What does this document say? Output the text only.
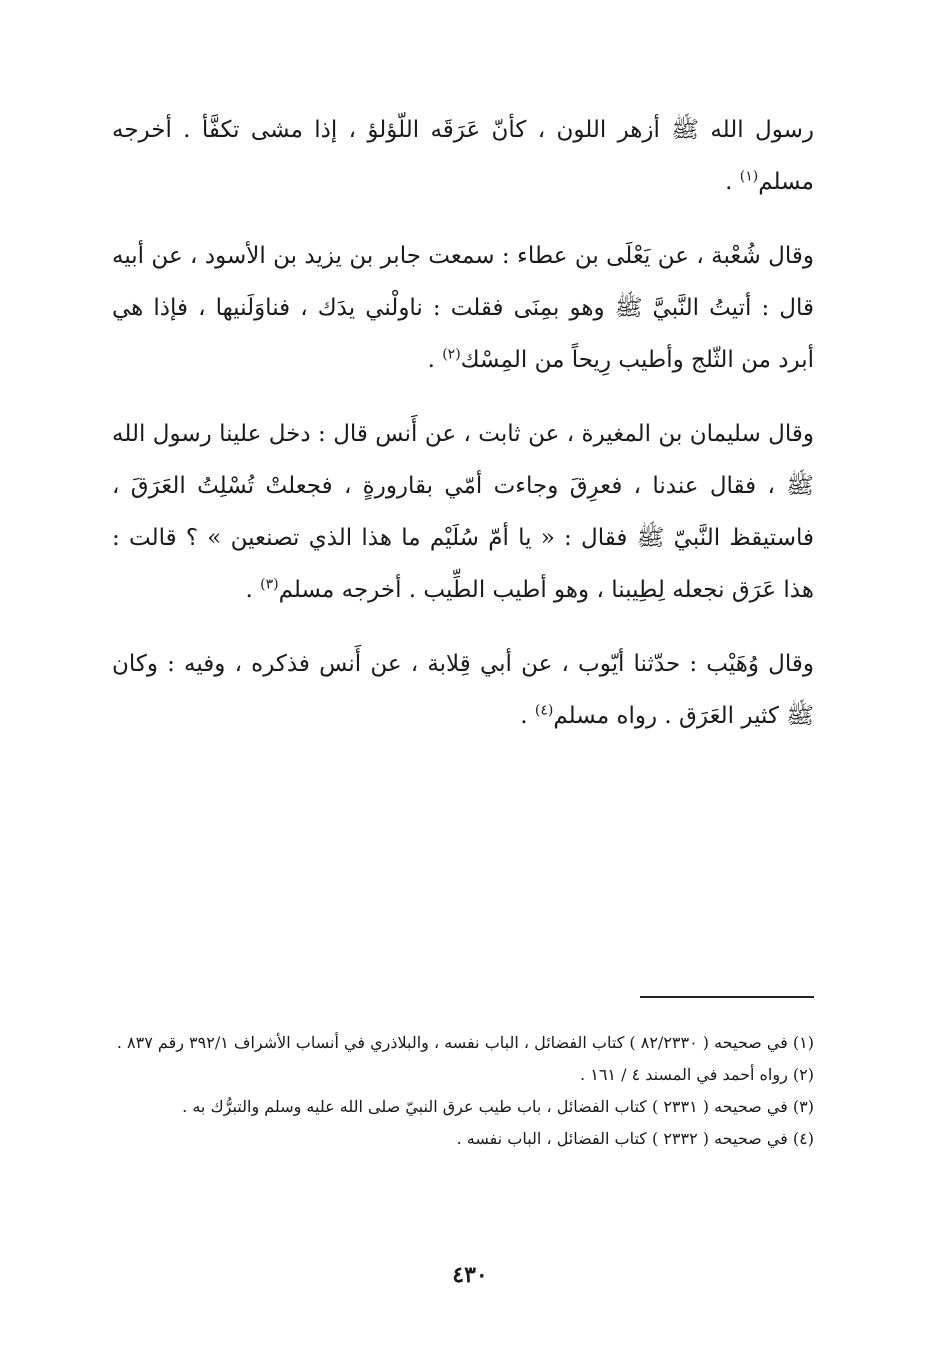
رسول الله ﷺ أزهر اللون ، كأنّ عَرَقَه اللّؤلؤ ، إذا مشى تكفَّأ . أخرجه مسلم$^{(١)}$ .

وقال شُعْبة ، عن يَعْلَى بن عطاء : سمعت جابر بن يزيد بن الأسود ، عن أبيه قال : أتيتُ النَّبيَّ ﷺ وهو بمِنَى فقلت : ناولْني يدَك ، فناوَلَنيها ، فإذا هي أبرد من الثّلج وأطيب رِيحاً من المِسْك$^{(٢)}$ .

وقال سليمان بن المغيرة ، عن ثابت ، عن أَنس قال : دخل علينا رسول الله ﷺ ، فقال عندنا ، فعرِقَ وجاءت أمّي بقارورةٍ ، فجعلتْ تُسْلِتُ العَرَقَ ، فاستيقظ النَّبيّ ﷺ فقال : « يا أمّ سُلَيْم ما هذا الذي تصنعين » ؟ قالت : هذا عَرَق نجعله لِطِيبنا ، وهو أطيب الطِّيب . أخرجه مسلم$^{(٣)}$ .

وقال وُهَيْب : حدّثنا أيّوب ، عن أبي قِلابة ، عن أَنس فذكره ، وفيه : وكان ﷺ كثير العَرَق . رواه مسلم$^{(٤)}$ .

(١) في صحيحه ( ٨٢/٢٣٣٠ ) كتاب الفضائل ، الباب نفسه ، والبلاذري في أنساب الأشراف ٣٩٢/١ رقم ٨٣٧ .

(٢) رواه أحمد في المسند ٤ / ١٦١ .

(٣) في صحيحه ( ٢٣٣١ ) كتاب الفضائل ، باب طيب عرق النبيّ صلى الله عليه وسلم والتبرُّك به .

(٤) في صحيحه ( ٢٣٣٢ ) كتاب الفضائل ، الباب نفسه .

٤٣٠
